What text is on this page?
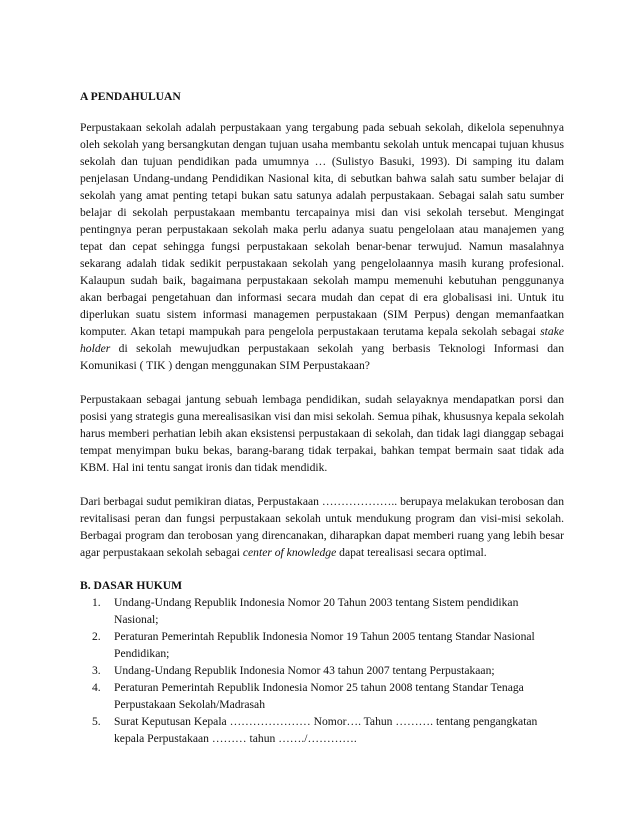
A PENDAHULUAN

Perpustakaan sekolah adalah perpustakaan yang tergabung pada sebuah sekolah, dikelola sepenuhnya oleh sekolah yang bersangkutan dengan tujuan usaha membantu sekolah untuk mencapai tujuan khusus sekolah dan tujuan pendidikan pada umumnya … (Sulistyo Basuki, 1993). Di samping itu dalam penjelasan Undang-undang Pendidikan Nasional kita, di sebutkan bahwa salah satu sumber belajar di sekolah yang amat penting tetapi bukan satu satunya adalah perpustakaan. Sebagai salah satu sumber belajar di sekolah perpustakaan membantu tercapainya misi dan visi sekolah tersebut. Mengingat pentingnya peran perpustakaan sekolah maka perlu adanya suatu pengelolaan atau manajemen yang tepat dan cepat sehingga fungsi perpustakaan sekolah benar-benar terwujud. Namun masalahnya sekarang adalah tidak sedikit perpustakaan sekolah yang pengelolaannya masih kurang profesional. Kalaupun sudah baik, bagaimana perpustakaan sekolah mampu memenuhi kebutuhan penggunanya akan berbagai pengetahuan dan informasi secara mudah dan cepat di era globalisasi ini. Untuk itu diperlukan suatu sistem informasi managemen perpustakaan (SIM Perpus) dengan memanfaatkan komputer. Akan tetapi mampukah para pengelola perpustakaan terutama kepala sekolah sebagai stake holder di sekolah mewujudkan perpustakaan sekolah yang berbasis Teknologi Informasi dan Komunikasi ( TIK ) dengan menggunakan SIM Perpustakaan?

Perpustakaan sebagai jantung sebuah lembaga pendidikan, sudah selayaknya mendapatkan porsi dan posisi yang strategis guna merealisasikan visi dan misi sekolah. Semua pihak, khususnya kepala sekolah harus memberi perhatian lebih akan eksistensi perpustakaan di sekolah, dan tidak lagi dianggap sebagai tempat menyimpan buku bekas, barang-barang tidak terpakai, bahkan tempat bermain saat tidak ada KBM. Hal ini tentu sangat ironis dan tidak mendidik.

Dari berbagai sudut pemikiran diatas, Perpustakaan ……………….. berupaya melakukan terobosan dan revitalisasi peran dan fungsi perpustakaan sekolah untuk mendukung program dan visi-misi sekolah. Berbagai program dan terobosan yang direncanakan, diharapkan dapat memberi ruang yang lebih besar agar perpustakaan sekolah sebagai center of knowledge dapat terealisasi secara optimal.

B. DASAR HUKUM
1.	Undang-Undang Republik Indonesia Nomor 20 Tahun 2003 tentang Sistem pendidikan Nasional;
2.	Peraturan Pemerintah Republik Indonesia Nomor 19 Tahun 2005 tentang Standar Nasional Pendidikan;
3.	Undang-Undang Republik Indonesia Nomor 43 tahun 2007 tentang Perpustakaan;
4.	Peraturan Pemerintah Republik Indonesia Nomor 25 tahun 2008 tentang Standar Tenaga Perpustakaan Sekolah/Madrasah
5.	Surat Keputusan Kepala ………………… Nomor…. Tahun ………. tentang pengangkatan kepala Perpustakaan ……… tahun ……./………….
